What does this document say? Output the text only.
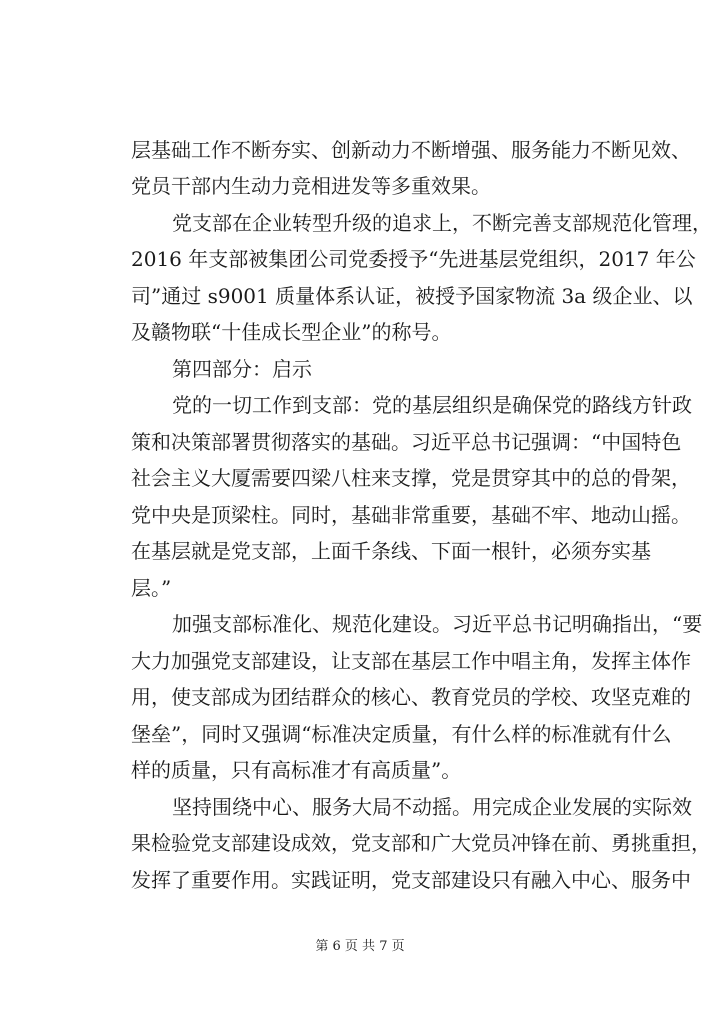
层基础工作不断夯实、创新动力不断增强、服务能力不断见效、
党员干部内生动力竞相进发等多重效果。
党支部在企业转型升级的追求上，不断完善支部规范化管理，
2016 年支部被集团公司党委授予“先进基层党组织，2017 年公
司”通过 s9001 质量体系认证，被授予国家物流 3a 级企业、以
及赣物联“十佳成长型企业”的称号。
第四部分：启示
党的一切工作到支部：党的基层组织是确保党的路线方针政
策和决策部署贯彻落实的基础。习近平总书记强调：“中国特色
社会主义大厦需要四梁八柱来支撑，党是贯穿其中的总的骨架，
党中央是顶梁柱。同时，基础非常重要，基础不牢、地动山摇。
在基层就是党支部，上面千条线、下面一根针，必须夯实基
层。”
加强支部标准化、规范化建设。习近平总书记明确指出，“要
大力加强党支部建设，让支部在基层工作中唱主角，发挥主体作
用，使支部成为团结群众的核心、教育党员的学校、攻坚克难的
堡垒”，同时又强调“标准决定质量，有什么样的标准就有什么
样的质量，只有高标准才有高质量”。
坚持围绕中心、服务大局不动摇。用完成企业发展的实际效
果检验党支部建设成效，党支部和广大党员冲锋在前、勇挑重担，
发挥了重要作用。实践证明，党支部建设只有融入中心、服务中
第 6 页 共 7 页
